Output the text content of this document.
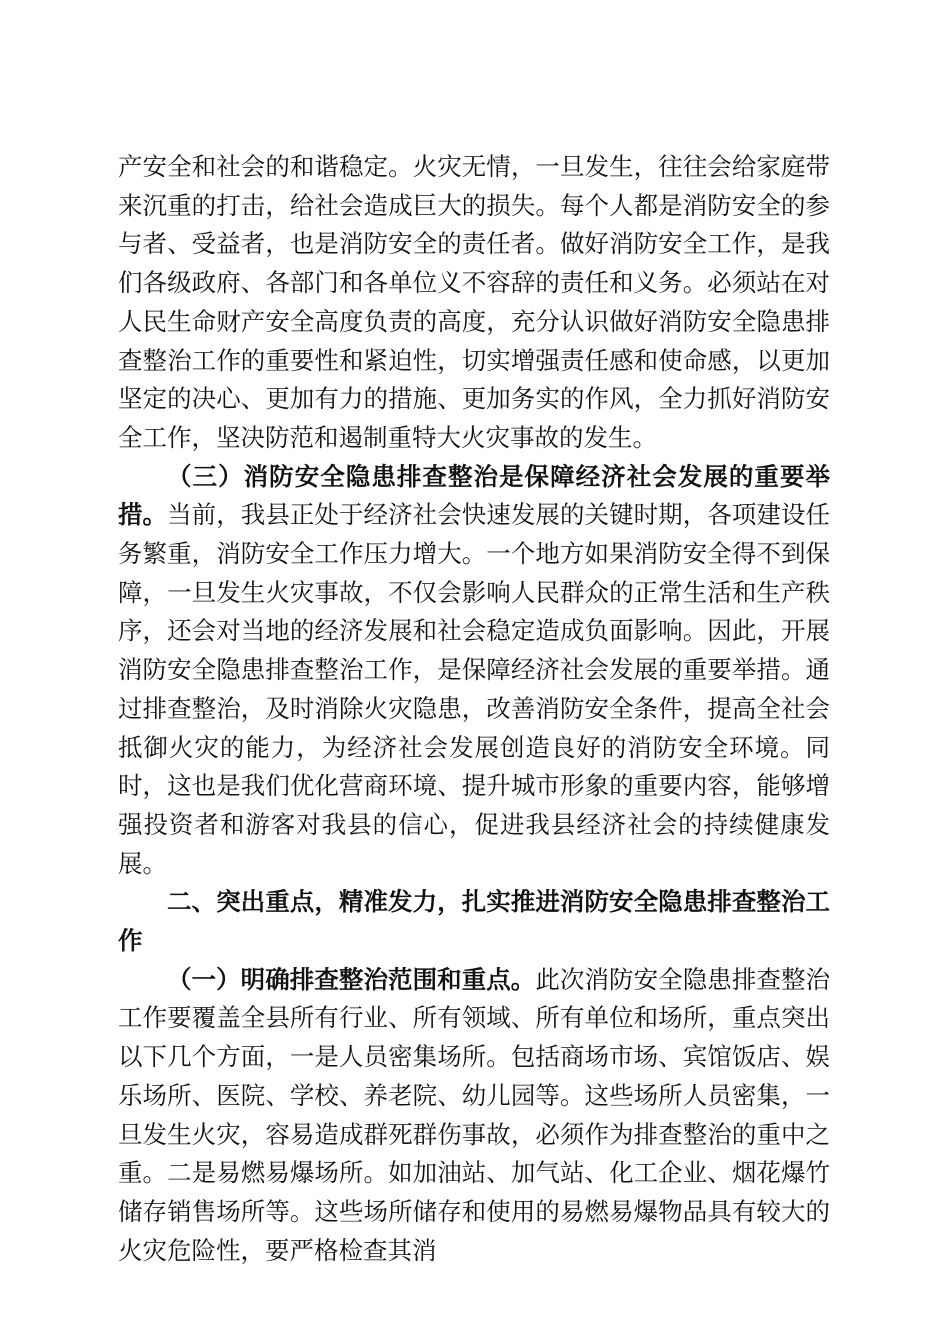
产安全和社会的和谐稳定。火灾无情，一旦发生，往往会给家庭带来沉重的打击，给社会造成巨大的损失。每个人都是消防安全的参与者、受益者，也是消防安全的责任者。做好消防安全工作，是我们各级政府、各部门和各单位义不容辞的责任和义务。必须站在对人民生命财产安全高度负责的高度，充分认识做好消防安全隐患排查整治工作的重要性和紧迫性，切实增强责任感和使命感，以更加坚定的决心、更加有力的措施、更加务实的作风，全力抓好消防安全工作，坚决防范和遏制重特大火灾事故的发生。

（三）消防安全隐患排查整治是保障经济社会发展的重要举措。当前，我县正处于经济社会快速发展的关键时期，各项建设任务繁重，消防安全工作压力增大。一个地方如果消防安全得不到保障，一旦发生火灾事故，不仅会影响人民群众的正常生活和生产秩序，还会对当地的经济发展和社会稳定造成负面影响。因此，开展消防安全隐患排查整治工作，是保障经济社会发展的重要举措。通过排查整治，及时消除火灾隐患，改善消防安全条件，提高全社会抵御火灾的能力，为经济社会发展创造良好的消防安全环境。同时，这也是我们优化营商环境、提升城市形象的重要内容，能够增强投资者和游客对我县的信心，促进我县经济社会的持续健康发展。

二、突出重点，精准发力，扎实推进消防安全隐患排查整治工作

（一）明确排查整治范围和重点。此次消防安全隐患排查整治工作要覆盖全县所有行业、所有领域、所有单位和场所，重点突出以下几个方面，一是人员密集场所。包括商场市场、宾馆饭店、娱乐场所、医院、学校、养老院、幼儿园等。这些场所人员密集，一旦发生火灾，容易造成群死群伤事故，必须作为排查整治的重中之重。二是易燃易爆场所。如加油站、加气站、化工企业、烟花爆竹储存销售场所等。这些场所储存和使用的易燃易爆物品具有较大的火灾危险性，要严格检查其消
